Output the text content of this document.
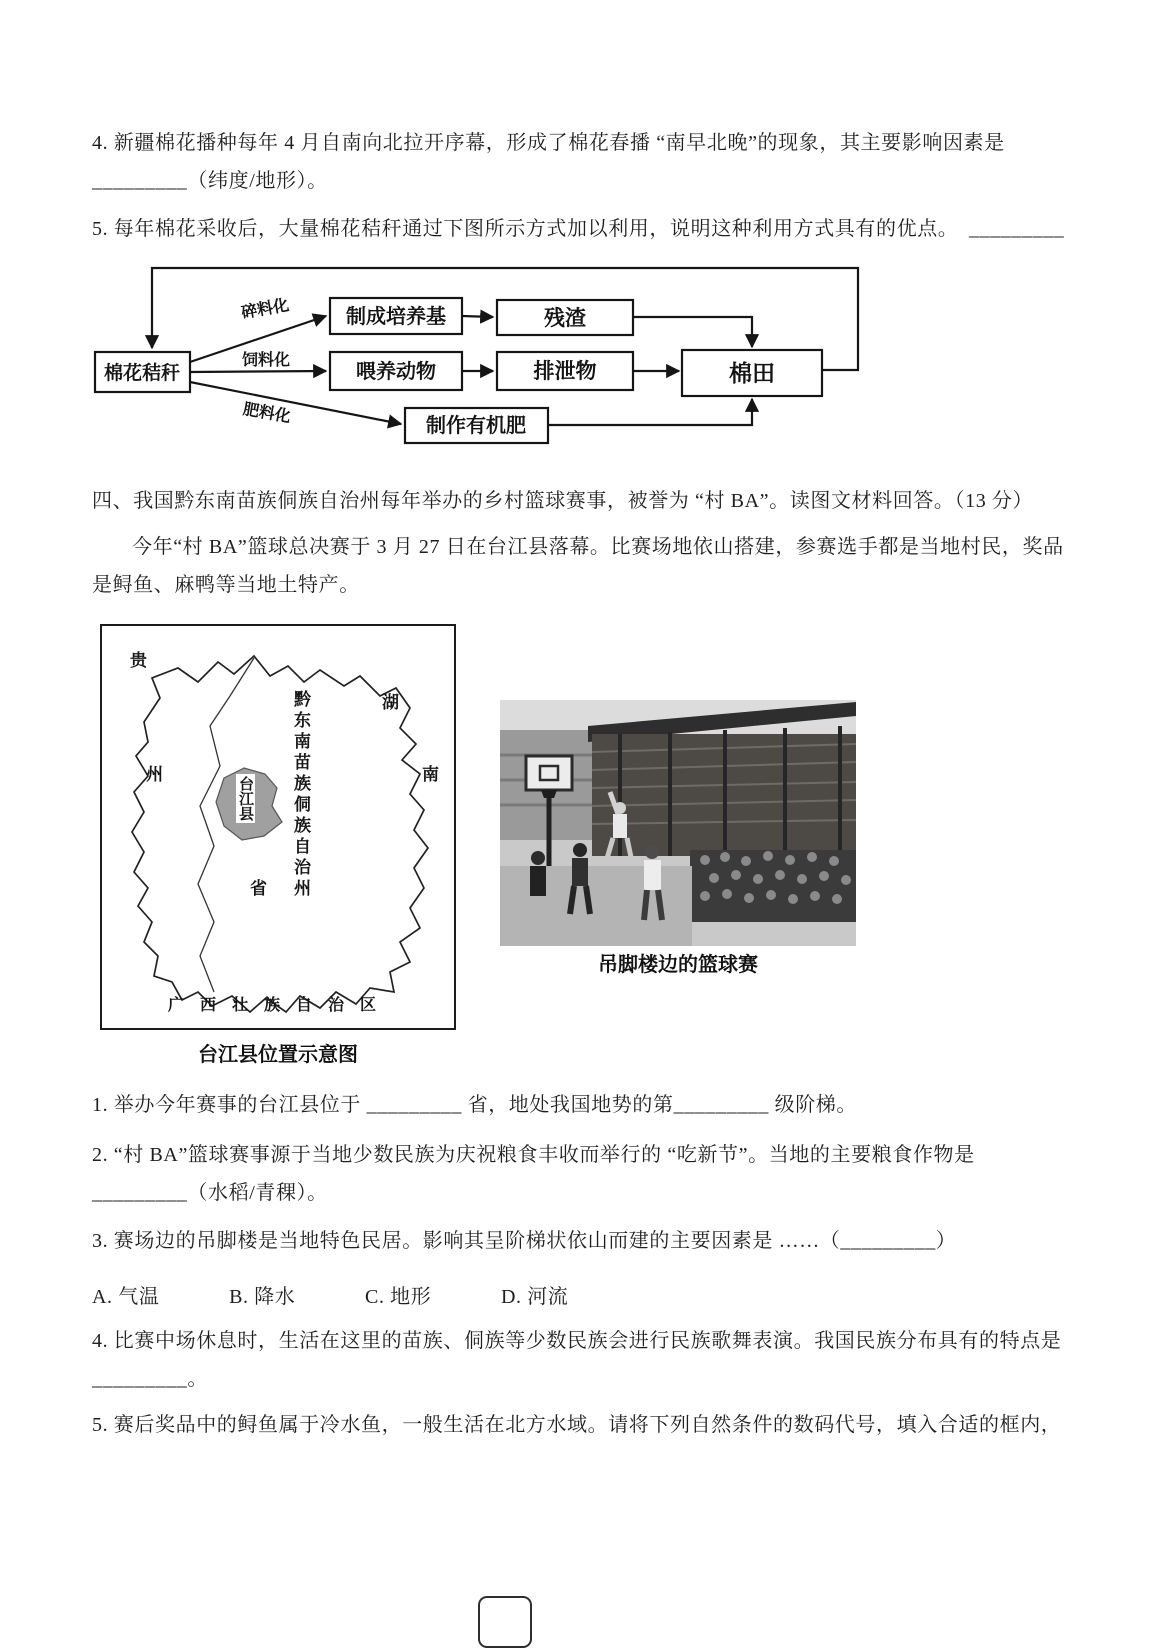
4. 新疆棉花播种每年 4 月自南向北拉开序幕，形成了棉花春播 “南早北晚”的现象，其主要影响因素是
_________（纬度/地形）。
5. 每年棉花采收后，大量棉花秸秆通过下图所示方式加以利用，说明这种利用方式具有的优点。　_________
碎料化
饲料化
肥料化
棉花秸秆
制成培养基	残渣
喂养动物	排泄物	棉田
制作有机肥
四、我国黔东南苗族侗族自治州每年举办的乡村篮球赛事，被誉为 “村 BA”。读图文材料回答。（13 分）
今年“村 BA”篮球总决赛于 3 月 27 日在台江县落幕。比赛场地依山搭建，参赛选手都是当地村民，奖品是鲟鱼、麻鸭等当地土特产。
贵
州
省
湖
南
黔东南苗族侗族自治州
台江县
广西壮族自治区
台江县位置示意图
吊脚楼边的篮球赛
1. 举办今年赛事的台江县位于 _________ 省，地处我国地势的第_________ 级阶梯。
2. “村 BA”篮球赛事源于当地少数民族为庆祝粮食丰收而举行的 “吃新节”。当地的主要粮食作物是
_________（水稻/青稞）。
3. 赛场边的吊脚楼是当地特色民居。影响其呈阶梯状依山而建的主要因素是 ……（_________）
A. 气温	B. 降水	C. 地形	D. 河流
4. 比赛中场休息时，生活在这里的苗族、侗族等少数民族会进行民族歌舞表演。我国民族分布具有的特点是
_________。
5. 赛后奖品中的鲟鱼属于冷水鱼，一般生活在北方水域。请将下列自然条件的数码代号，填入合适的框内，
